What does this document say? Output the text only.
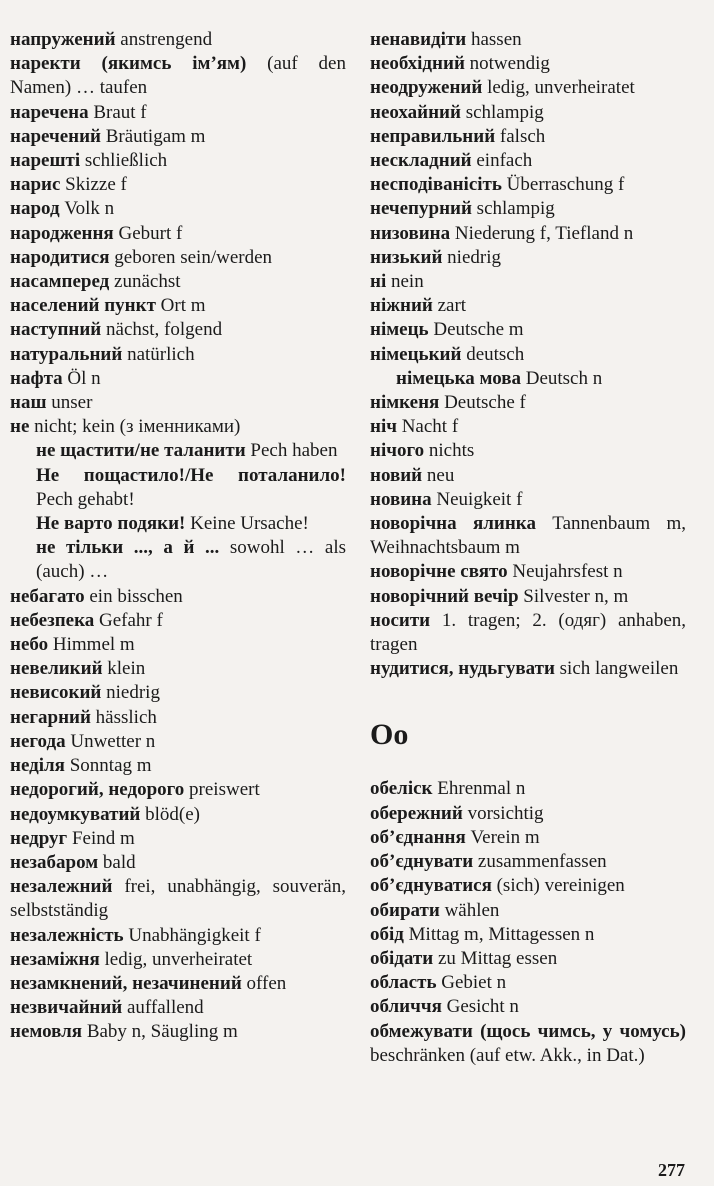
напружений anstrengend
наректи (якимсь ім’ям) (auf den Namen) … taufen
наречена Braut f
наречений Bräutigam m
нарешті schließlich
нарис Skizze f
народ Volk n
народження Geburt f
народитися geboren sein/werden
насамперед zunächst
населений пункт Ort m
наступний nächst, folgend
натуральний natürlich
нафта Öl n
наш unser
не nicht; kein (з іменниками)
не щастити/не таланити Pech haben
Не пощастило!/Не поталанило! Pech gehabt!
Не варто подяки! Keine Ursache!
не тільки ..., а й ... sowohl … als (auch) …
небагато ein bisschen
небезпека Gefahr f
небо Himmel m
невеликий klein
невисокий niedrig
негарний hässlich
негода Unwetter n
неділя Sonntag m
недорогий, недорого preiswert
недоумкуватий blöd(e)
недруг Feind m
незабаром bald
незалежний frei, unabhängig, souverän, selbstständig
незалежність Unabhängigkeit f
незаміжня ledig, unverheiratet
незамкнений, незачинений offen
незвичайний auffallend
немовля Baby n, Säugling m
ненавидіти hassen
необхідний notwendig
неодружений ledig, unverheiratet
неохайний schlampig
неправильний falsch
нескладний einfach
несподіванісіть Überraschung f
нечепурний schlampig
низовина Niederung f, Tiefland n
низький niedrig
ні nein
ніжний zart
німець Deutsche m
німецький deutsch
німецька мова Deutsch n
німкеня Deutsche f
ніч Nacht f
нічого nichts
новий neu
новина Neuigkeit f
новорічна ялинка Tannenbaum m, Weihnachtsbaum m
новорічне свято Neujahrsfest n
новорічний вечір Silvester n, m
носити 1. tragen; 2. (одяг) anhaben, tragen
нудитися, нудьгувати sich langweilen
Оо
обеліск Ehrenmal n
обережний vorsichtig
об’єднання Verein m
об’єднувати zusammenfassen
об’єднуватися (sich) vereinigen
обирати wählen
обід Mittag m, Mittagessen n
обідати zu Mittag essen
область Gebiet n
обличчя Gesicht n
обмежувати (щось чимсь, у чомусь) beschränken (auf etw. Akk., in Dat.)
277
